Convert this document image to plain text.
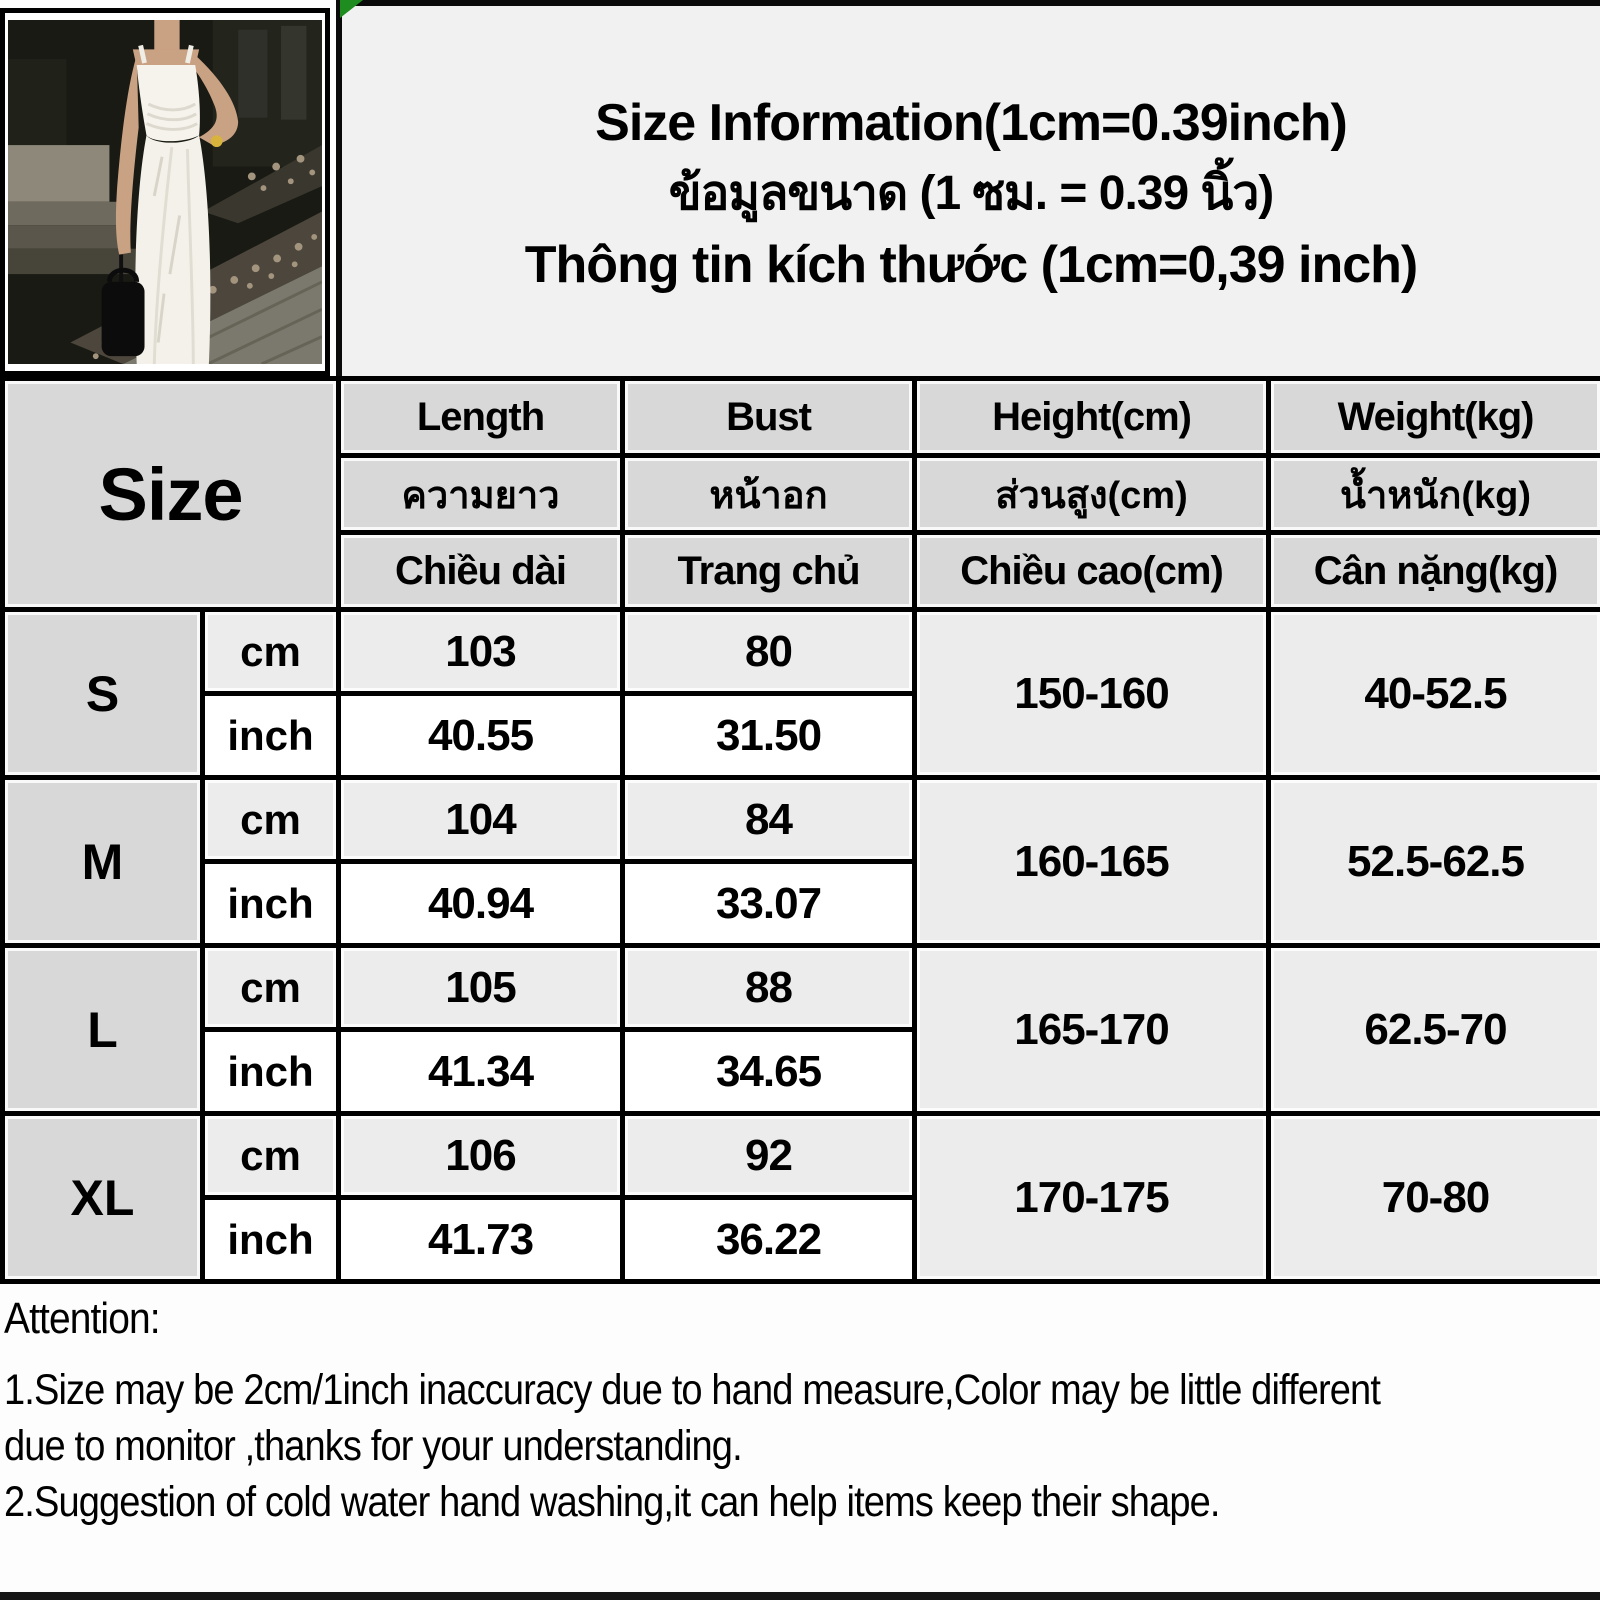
Size Information(1cm=0.39inch)
ข้อมูลขนาด (1 ซม. = 0.39 นิ้ว)
Thông tin kích thước (1cm=0,39 inch)
Size		Length	Bust	Height(cm)	Weight(kg)
		ความยาว	หน้าอก	ส่วนสูง(cm)	น้ำหนัก(kg)
		Chiều dài	Trang chủ	Chiều cao(cm)	Cân nặng(kg)
S	cm	103	80	150-160	40-52.5
	inch	40.55	31.50		
M	cm	104	84	160-165	52.5-62.5
	inch	40.94	33.07		
L	cm	105	88	165-170	62.5-70
	inch	41.34	34.65		
XL	cm	106	92	170-175	70-80
	inch	41.73	36.22		
Attention:
1.Size may be 2cm/1inch inaccuracy due to hand measure,Color may be little different
due to monitor ,thanks for your understanding.
2.Suggestion of cold water hand washing,it can help items keep their shape.
